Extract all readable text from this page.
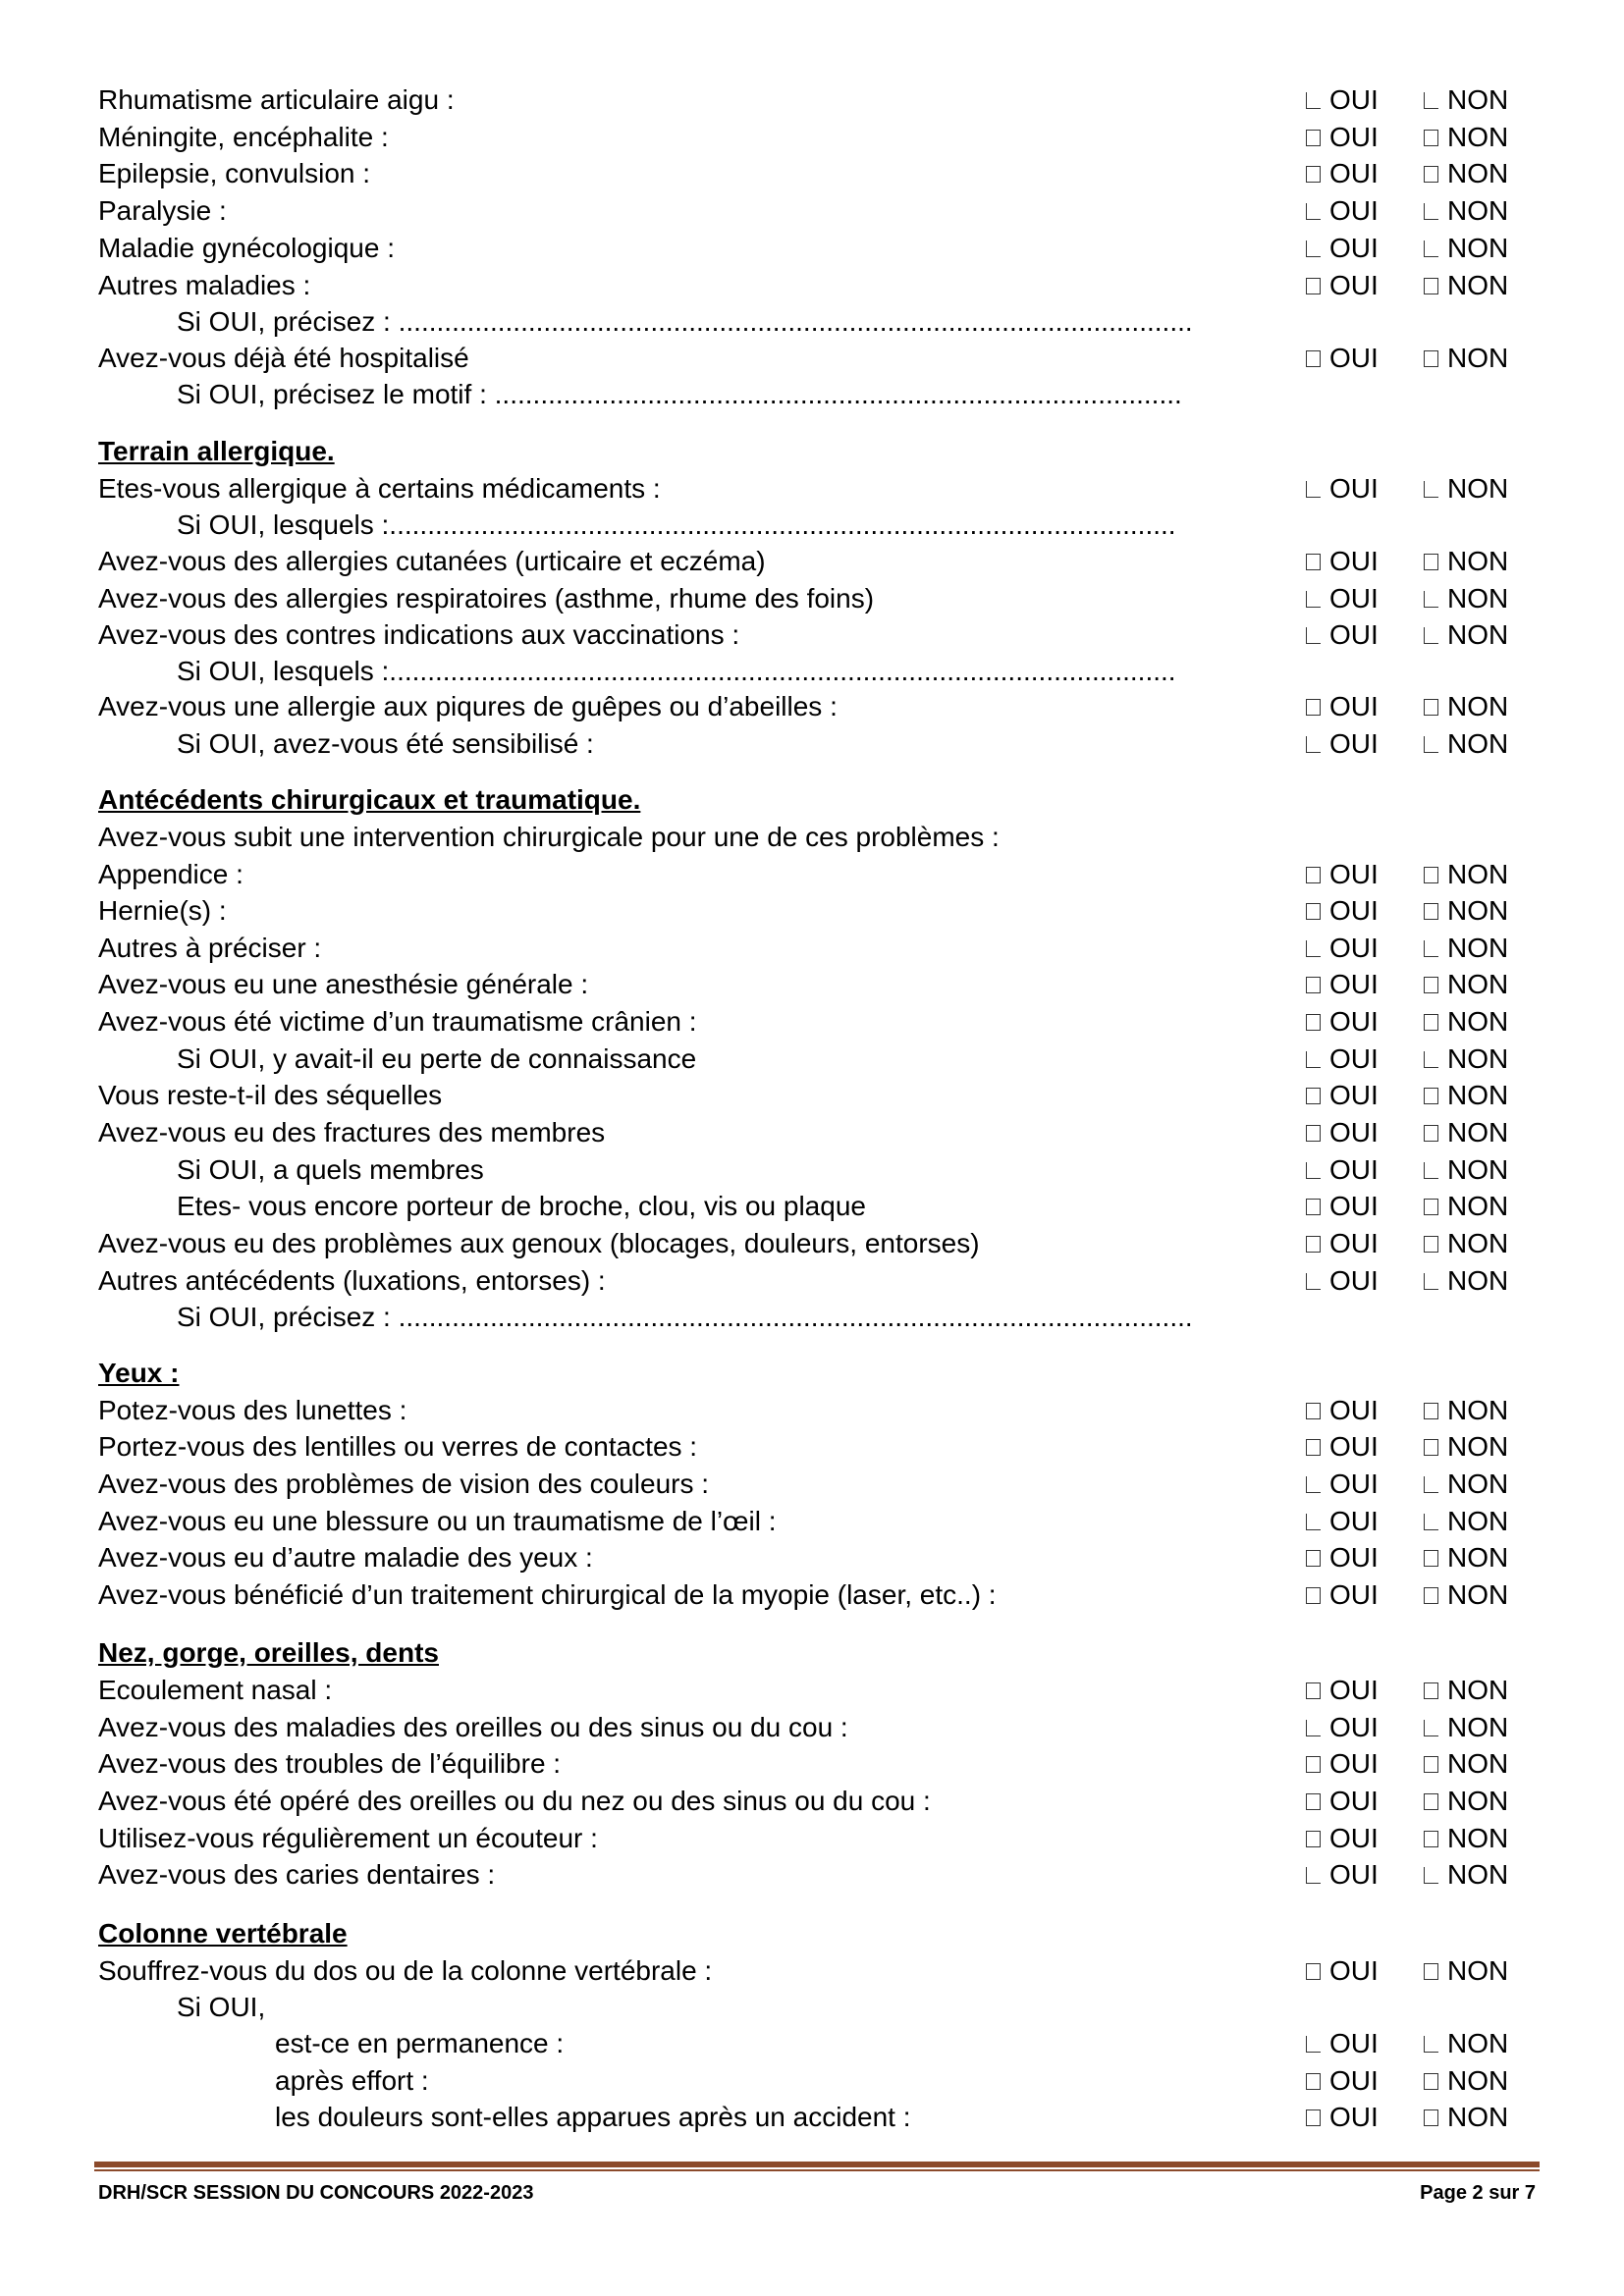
Rhumatisme articulaire aigu :	OUI	NON
Méningite, encéphalite :	OUI	NON
Epilepsie, convulsion :	OUI	NON
Paralysie :	OUI	NON
Maladie gynécologique :	OUI	NON
Autres maladies :	OUI	NON
Si OUI, précisez : ........................................................................................................
Avez-vous déjà été hospitalisé	OUI	NON
Si OUI, précisez le motif : ..........................................................................................
Terrain allergique.
Etes-vous allergique à certains médicaments :	OUI	NON
Si OUI, lesquels :.......................................................................................................
Avez-vous des allergies cutanées (urticaire et eczéma)	OUI	NON
Avez-vous des allergies respiratoires (asthme, rhume des foins)	OUI	NON
Avez-vous des contres indications aux vaccinations :	OUI	NON
Si OUI, lesquels :.......................................................................................................
Avez-vous une allergie aux piqures de guêpes ou d’abeilles :	OUI	NON
Si OUI, avez-vous été sensibilisé :	OUI	NON
Antécédents chirurgicaux et traumatique.
Avez-vous subit une intervention chirurgicale pour une de ces problèmes :
Appendice :	OUI	NON
Hernie(s) :	OUI	NON
Autres à préciser :	OUI	NON
Avez-vous eu une anesthésie générale :	OUI	NON
Avez-vous été victime d’un traumatisme crânien :	OUI	NON
Si OUI, y avait-il eu perte de connaissance	OUI	NON
Vous reste-t-il des séquelles	OUI	NON
Avez-vous eu des fractures des membres	OUI	NON
Si OUI, a quels membres	OUI	NON
Etes- vous encore porteur de broche, clou, vis ou plaque	OUI	NON
Avez-vous eu des problèmes aux genoux (blocages, douleurs, entorses)	OUI	NON
Autres antécédents (luxations, entorses) :	OUI	NON
Si OUI, précisez : ........................................................................................................
Yeux :
Potez-vous des lunettes :	OUI	NON
Portez-vous des lentilles ou verres de contactes :	OUI	NON
Avez-vous des problèmes de vision des couleurs :	OUI	NON
Avez-vous eu une blessure ou un traumatisme de l’œil :	OUI	NON
Avez-vous eu d’autre maladie des yeux :	OUI	NON
Avez-vous bénéficié d’un traitement chirurgical de la myopie (laser, etc..) :	OUI	NON
Nez, gorge, oreilles, dents
Ecoulement nasal :	OUI	NON
Avez-vous des maladies des oreilles ou des sinus ou du cou :	OUI	NON
Avez-vous des troubles de l’équilibre :	OUI	NON
Avez-vous été opéré des oreilles ou du nez ou des sinus ou du cou :	OUI	NON
Utilisez-vous régulièrement un écouteur :	OUI	NON
Avez-vous des caries dentaires :	OUI	NON
Colonne vertébrale
Souffrez-vous du dos ou de la colonne vertébrale :	OUI	NON
Si OUI,
est-ce en permanence :	OUI	NON
après effort :	OUI	NON
les douleurs sont-elles apparues après un accident :	OUI	NON
DRH/SCR SESSION DU CONCOURS 2022-2023	Page 2 sur 7
